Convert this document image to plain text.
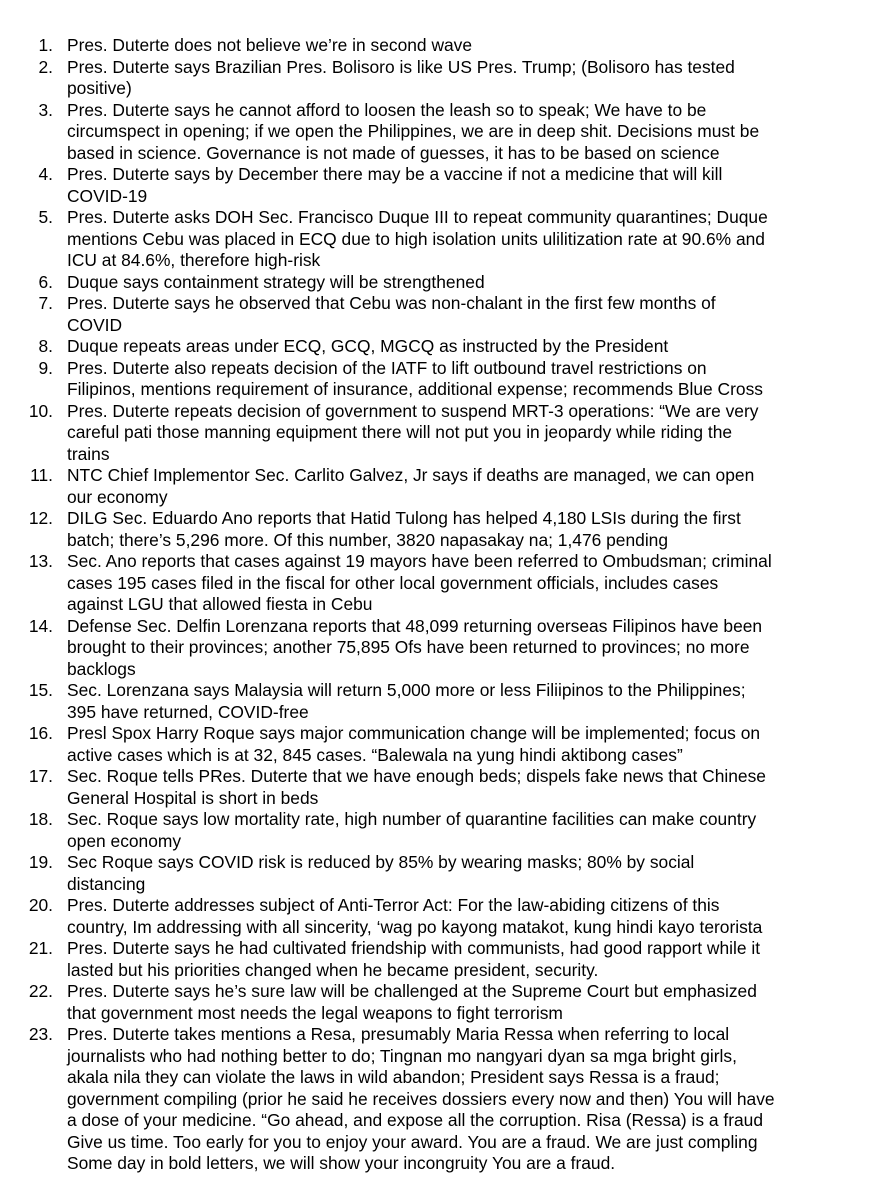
1. Pres. Duterte does not believe we’re in second wave
2. Pres. Duterte says Brazilian Pres. Bolisoro is like US Pres. Trump; (Bolisoro has tested
positive)
3. Pres. Duterte says he cannot afford to loosen the leash so to speak; We have to be
circumspect in opening; if we open the Philippines, we are in deep shit. Decisions must be
based in science. Governance is not made of guesses, it has to be based on science
4. Pres. Duterte says by December there may be a vaccine if not a medicine that will kill
COVID-19
5. Pres. Duterte asks DOH Sec. Francisco Duque III to repeat community quarantines; Duque
mentions Cebu was placed in ECQ due to high isolation units ulilitization rate at 90.6% and
ICU at 84.6%, therefore high-risk
6. Duque says containment strategy will be strengthened
7. Pres. Duterte says he observed that Cebu was non-chalant in the first few months of
COVID
8. Duque repeats areas under ECQ, GCQ, MGCQ as instructed by the President
9. Pres. Duterte also repeats decision of the IATF to lift outbound travel restrictions on
Filipinos, mentions requirement of insurance, additional expense; recommends Blue Cross
10. Pres. Duterte repeats decision of government to suspend MRT-3 operations: “We are very
careful pati those manning equipment there will not put you in jeopardy while riding the
trains
11. NTC Chief Implementor Sec. Carlito Galvez, Jr says if deaths are managed, we can open
our economy
12. DILG Sec. Eduardo Ano reports that Hatid Tulong has helped 4,180 LSIs during the first
batch; there’s 5,296 more. Of this number, 3820 napasakay na; 1,476 pending
13. Sec. Ano reports that cases against 19 mayors have been referred to Ombudsman; criminal
cases 195 cases filed in the fiscal for other local government officials, includes cases
against LGU that allowed fiesta in Cebu
14. Defense Sec. Delfin Lorenzana reports that 48,099 returning overseas Filipinos have been
brought to their provinces; another 75,895 Ofs have been returned to provinces; no more
backlogs
15. Sec. Lorenzana says Malaysia will return 5,000 more or less Filiipinos to the Philippines;
395 have returned, COVID-free
16. Presl Spox Harry Roque says major communication change will be implemented; focus on
active cases which is at 32, 845 cases. “Balewala na yung hindi aktibong cases”
17. Sec. Roque tells PRes. Duterte that we have enough beds; dispels fake news that Chinese
General Hospital is short in beds
18. Sec. Roque says low mortality rate, high number of quarantine facilities can make country
open economy
19. Sec Roque says COVID risk is reduced by 85% by wearing masks; 80% by social
distancing
20. Pres. Duterte addresses subject of Anti-Terror Act: For the law-abiding citizens of this
country, Im addressing with all sincerity, ‘wag po kayong matakot, kung hindi kayo terorista
21. Pres. Duterte says he had cultivated friendship with communists, had good rapport while it
lasted but his priorities changed when he became president, security.
22. Pres. Duterte says he’s sure law will be challenged at the Supreme Court but emphasized
that government most needs the legal weapons to fight terrorism
23. Pres. Duterte takes mentions a Resa, presumably Maria Ressa when referring to local
journalists who had nothing better to do; Tingnan mo nangyari dyan sa mga bright girls,
akala nila they can violate the laws in wild abandon; President says Ressa is a fraud;
government compiling (prior he said he receives dossiers every now and then) You will have
a dose of your medicine. “Go ahead, and expose all the corruption. Risa (Ressa) is a fraud
Give us time. Too early for you to enjoy your award. You are a fraud. We are just compling
Some day in bold letters, we will show your incongruity You are a fraud.
